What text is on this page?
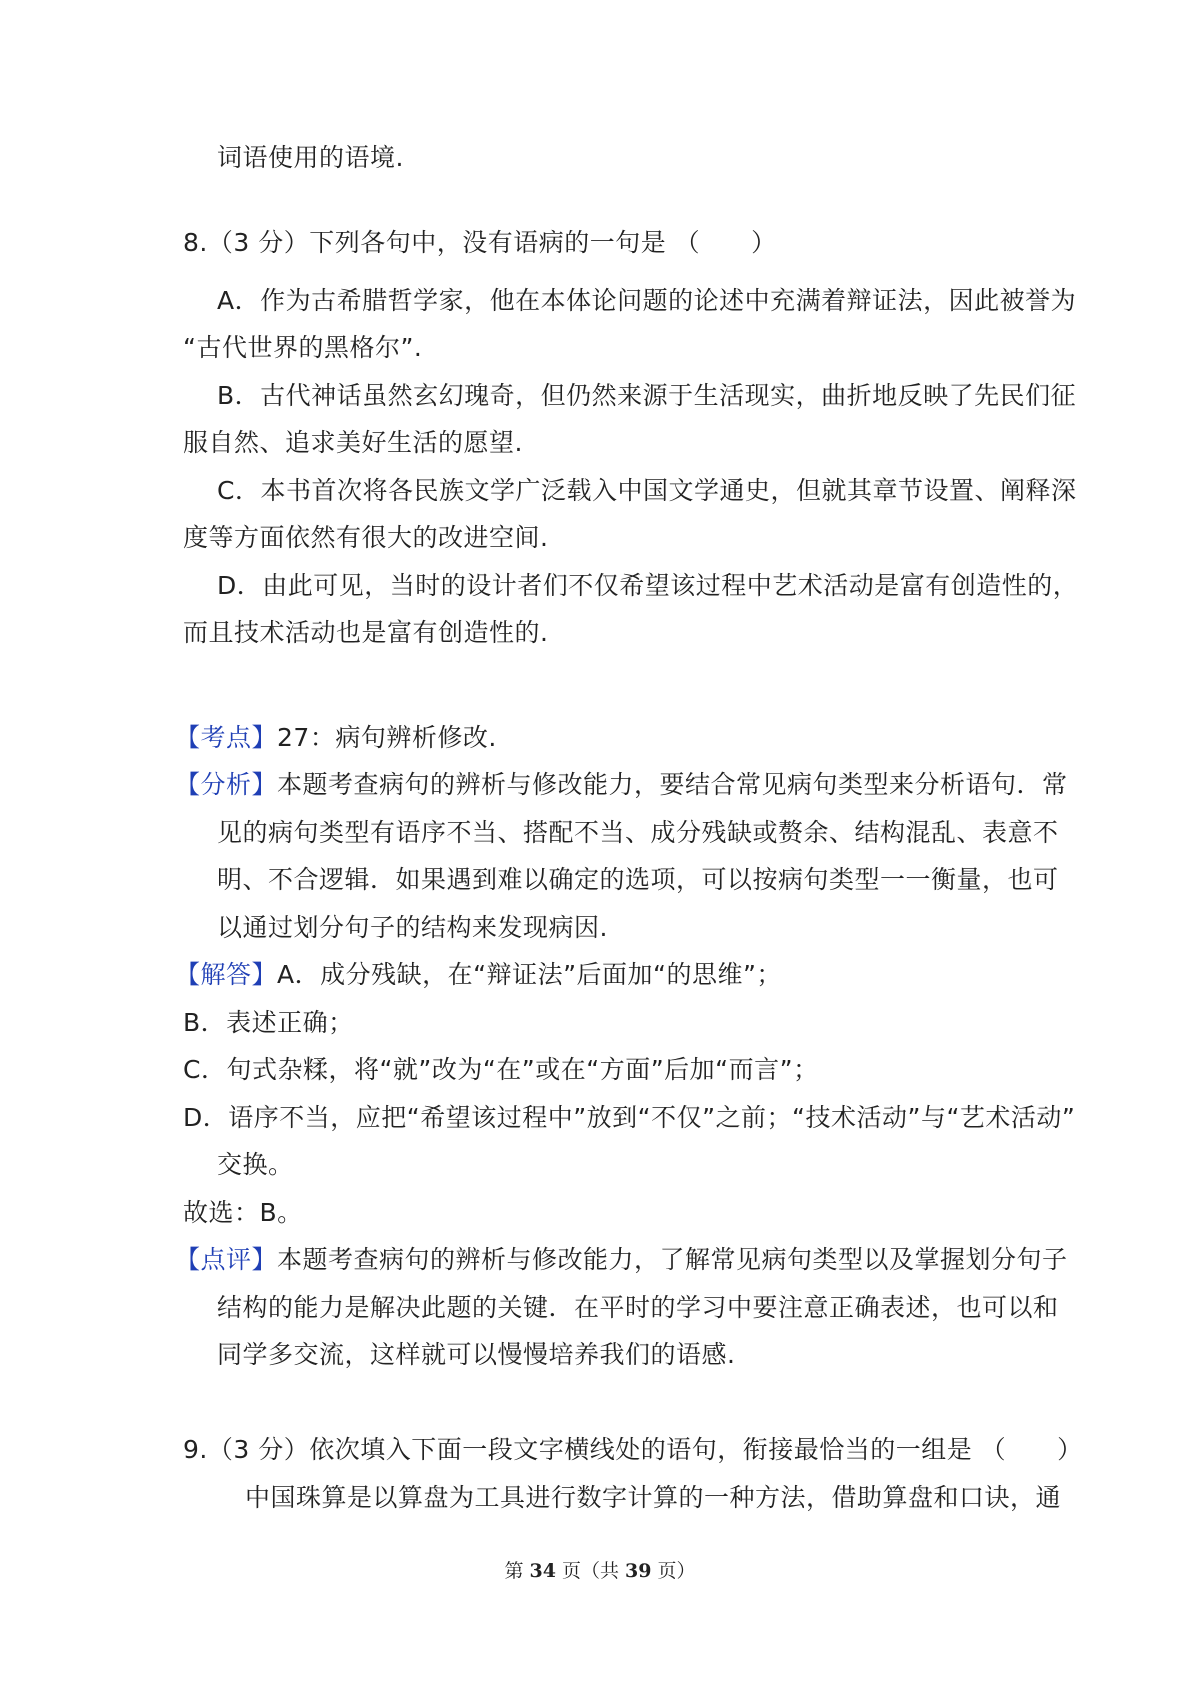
词语使用的语境.
8.（3 分）下列各句中，没有语病的一句是 （　　）
A．作为古希腊哲学家，他在本体论问题的论述中充满着辩证法，因此被誉为
“古代世界的黑格尔”.
B．古代神话虽然玄幻瑰奇，但仍然来源于生活现实，曲折地反映了先民们征
服自然、追求美好生活的愿望.
C．本书首次将各民族文学广泛载入中国文学通史，但就其章节设置、阐释深
度等方面依然有很大的改进空间.
D．由此可见，当时的设计者们不仅希望该过程中艺术活动是富有创造性的，
而且技术活动也是富有创造性的.
【考点】27：病句辨析修改.
【分析】本题考查病句的辨析与修改能力，要结合常见病句类型来分析语句．常
见的病句类型有语序不当、搭配不当、成分残缺或赘余、结构混乱、表意不
明、不合逻辑．如果遇到难以确定的选项，可以按病句类型一一衡量，也可
以通过划分句子的结构来发现病因.
【解答】A．成分残缺，在“辩证法”后面加“的思维”；
B．表述正确；
C．句式杂糅，将“就”改为“在”或在“方面”后加“而言”；
D．语序不当，应把“希望该过程中”放到“不仅”之前；“技术活动”与“艺术活动”
交换。
故选：B。
【点评】本题考查病句的辨析与修改能力，了解常见病句类型以及掌握划分句子
结构的能力是解决此题的关键．在平时的学习中要注意正确表述，也可以和
同学多交流，这样就可以慢慢培养我们的语感.
9.（3 分）依次填入下面一段文字横线处的语句，衔接最恰当的一组是 （　　）
中国珠算是以算盘为工具进行数字计算的一种方法，借助算盘和口诀，通
第 34 页（共 39 页）
